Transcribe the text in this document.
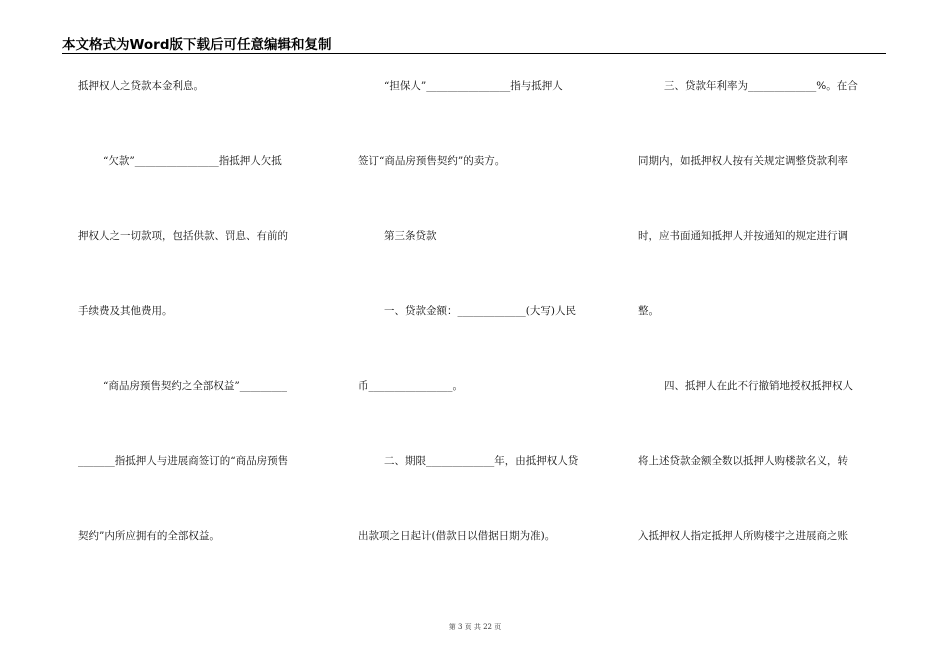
本文格式为Word版下载后可任意编辑和复制
抵押权人之贷款本金利息。
“欠款”________________指抵押人欠抵
押权人之一切款项，包括供款、罚息、有前的
手续费及其他费用。
“商品房预售契约之全部权益”_________
_______指抵押人与进展商签订的“商品房预售
契约”内所应拥有的全部权益。
“担保人”________________指与抵押人
签订“商品房预售契约”的卖方。
第三条贷款
一、贷款金额：_____________(大写)人民
币________________。
二、期限_____________年，由抵押权人贷
出款项之日起计(借款日以借据日期为准)。
三、贷款年利率为_____________%。在合
同期内，如抵押权人按有关规定调整贷款利率
时，应书面通知抵押人并按通知的规定进行调
整。
四、抵押人在此不行撤销地授权抵押权人
将上述贷款金额全数以抵押人购楼款名义，转
入抵押权人指定抵押人所购楼宇之进展商之账
第 3 页 共 22 页
